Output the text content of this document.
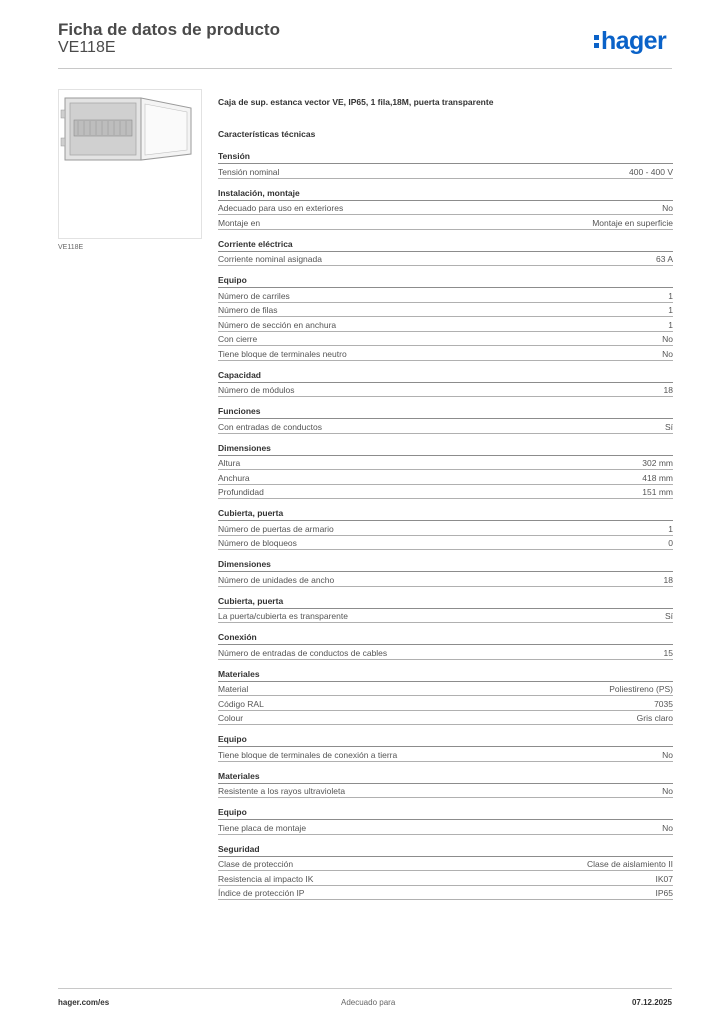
Ficha de datos de producto
VE118E	hager
VE118E
Caja de sup. estanca vector VE, IP65, 1 fila,18M, puerta transparente
Características técnicas
Tensión
Tensión nominal	400 - 400 V
Instalación, montaje
Adecuado para uso en exteriores	No
Montaje en	Montaje en superficie
Corriente eléctrica
Corriente nominal asignada	63 A
Equipo
Número de carriles	1
Número de filas	1
Número de sección en anchura	1
Con cierre	No
Tiene bloque de terminales neutro	No
Capacidad
Número de módulos	18
Funciones
Con entradas de conductos	Sí
Dimensiones
Altura	302 mm
Anchura	418 mm
Profundidad	151 mm
Cubierta, puerta
Número de puertas de armario	1
Número de bloqueos	0
Dimensiones
Número de unidades de ancho	18
Cubierta, puerta
La puerta/cubierta es transparente	Sí
Conexión
Número de entradas de conductos de cables	15
Materiales
Material	Poliestireno (PS)
Código RAL	7035
Colour	Gris claro
Equipo
Tiene bloque de terminales de conexión a tierra	No
Materiales
Resistente a los rayos ultravioleta	No
Equipo
Tiene placa de montaje	No
Seguridad
Clase de protección	Clase de aislamiento II
Resistencia al impacto IK	IK07
Índice de protección IP	IP65
hager.com/es	Adecuado para	07.12.2025
